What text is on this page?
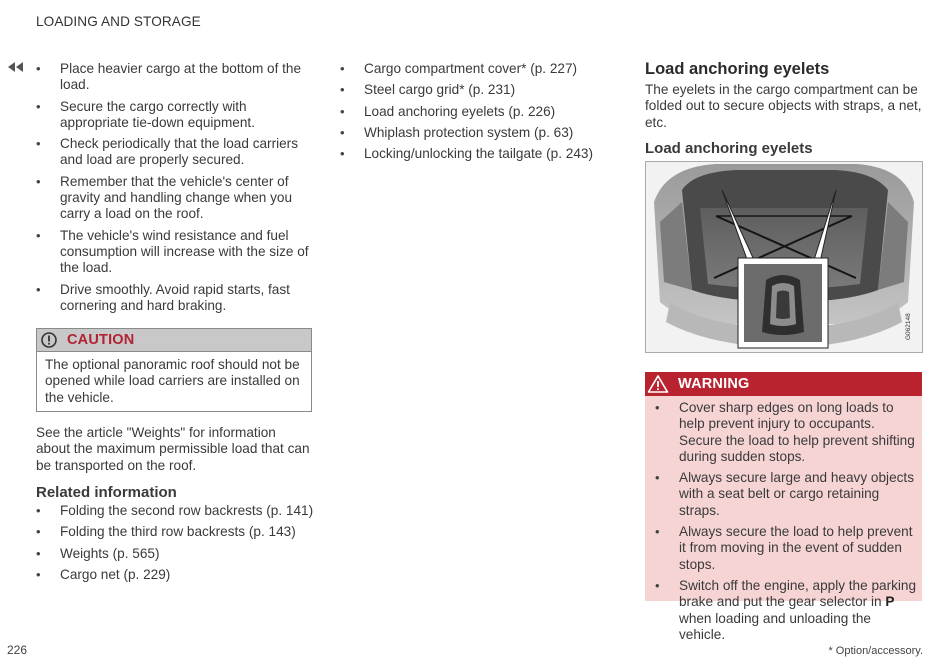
LOADING AND STORAGE
• Place heavier cargo at the bottom of the load.
• Secure the cargo correctly with appropriate tie-down equipment.
• Check periodically that the load carriers and load are properly secured.
• Remember that the vehicle's center of gravity and handling change when you carry a load on the roof.
• The vehicle's wind resistance and fuel consumption will increase with the size of the load.
• Drive smoothly. Avoid rapid starts, fast cornering and hard braking.
CAUTION
The optional panoramic roof should not be opened while load carriers are installed on the vehicle.
See the article "Weights" for information about the maximum permissible load that can be transported on the roof.
Related information
• Folding the second row backrests (p. 141)
• Folding the third row backrests (p. 143)
• Weights (p. 565)
• Cargo net (p. 229)
• Cargo compartment cover* (p. 227)
• Steel cargo grid* (p. 231)
• Load anchoring eyelets (p. 226)
• Whiplash protection system (p. 63)
• Locking/unlocking the tailgate (p. 243)
Load anchoring eyelets
The eyelets in the cargo compartment can be folded out to secure objects with straps, a net, etc.
Load anchoring eyelets
G062148
WARNING
• Cover sharp edges on long loads to help prevent injury to occupants. Secure the load to help prevent shifting during sudden stops.
• Always secure large and heavy objects with a seat belt or cargo retaining straps.
• Always secure the load to help prevent it from moving in the event of sudden stops.
• Switch off the engine, apply the parking brake and put the gear selector in P when loading and unloading the vehicle.
226	* Option/accessory.
